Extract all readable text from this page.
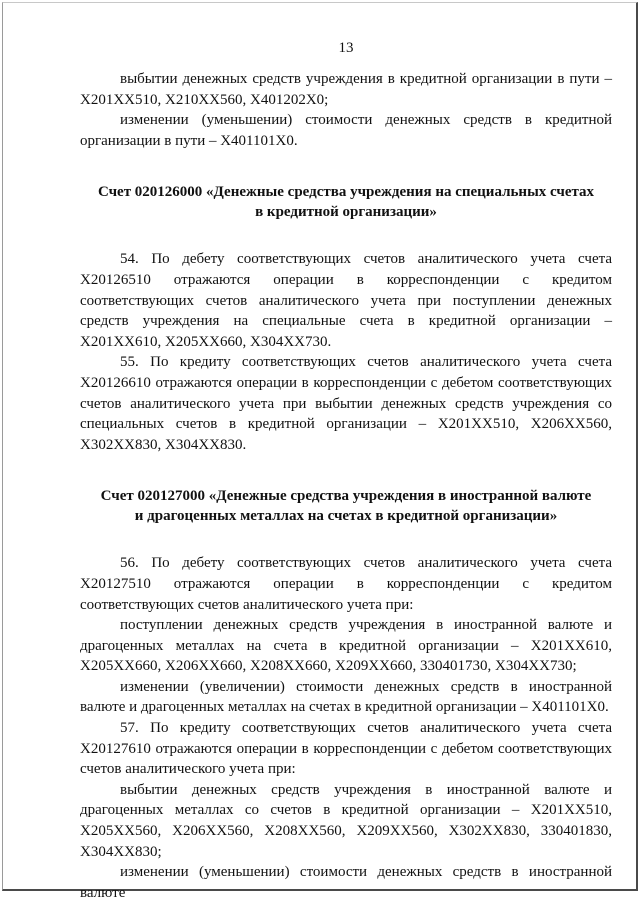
13

выбытии денежных средств учреждения в кредитной организации в пути – Х201ХХ510, Х210ХХ560, Х401202Х0;

изменении (уменьшении) стоимости денежных средств в кредитной организации в пути – Х401101Х0.

Счет 020126000 «Денежные средства учреждения на специальных счетах
в кредитной организации»

54. По дебету соответствующих счетов аналитического учета счета Х20126510 отражаются операции в корреспонденции с кредитом соответствующих счетов аналитического учета при поступлении денежных средств учреждения на специальные счета в кредитной организации – Х201ХХ610, Х205ХХ660, Х304ХХ730.

55. По кредиту соответствующих счетов аналитического учета счета Х20126610 отражаются операции в корреспонденции с дебетом соответствующих счетов аналитического учета при выбытии денежных средств учреждения со специальных счетов в кредитной организации – Х201ХХ510, Х206ХХ560, Х302ХХ830, Х304ХХ830.

Счет 020127000 «Денежные средства учреждения в иностранной валюте
и драгоценных металлах на счетах в кредитной организации»

56. По дебету соответствующих счетов аналитического учета счета Х20127510 отражаются операции в корреспонденции с кредитом соответствующих счетов аналитического учета при:

поступлении денежных средств учреждения в иностранной валюте и драгоценных металлах на счета в кредитной организации – Х201ХХ610, Х205ХХ660, Х206ХХ660, Х208ХХ660, Х209ХХ660, 330401730, Х304ХХ730;

изменении (увеличении) стоимости денежных средств в иностранной валюте и драгоценных металлах на счетах в кредитной организации – Х401101Х0.

57. По кредиту соответствующих счетов аналитического учета счета Х20127610 отражаются операции в корреспонденции с дебетом соответствующих счетов аналитического учета при:

выбытии денежных средств учреждения в иностранной валюте и драгоценных металлах со счетов в кредитной организации – Х201ХХ510, Х205ХХ560, Х206ХХ560, Х208ХХ560, Х209ХХ560, Х302ХХ830, 330401830, Х304ХХ830;

изменении (уменьшении) стоимости денежных средств в иностранной валюте
